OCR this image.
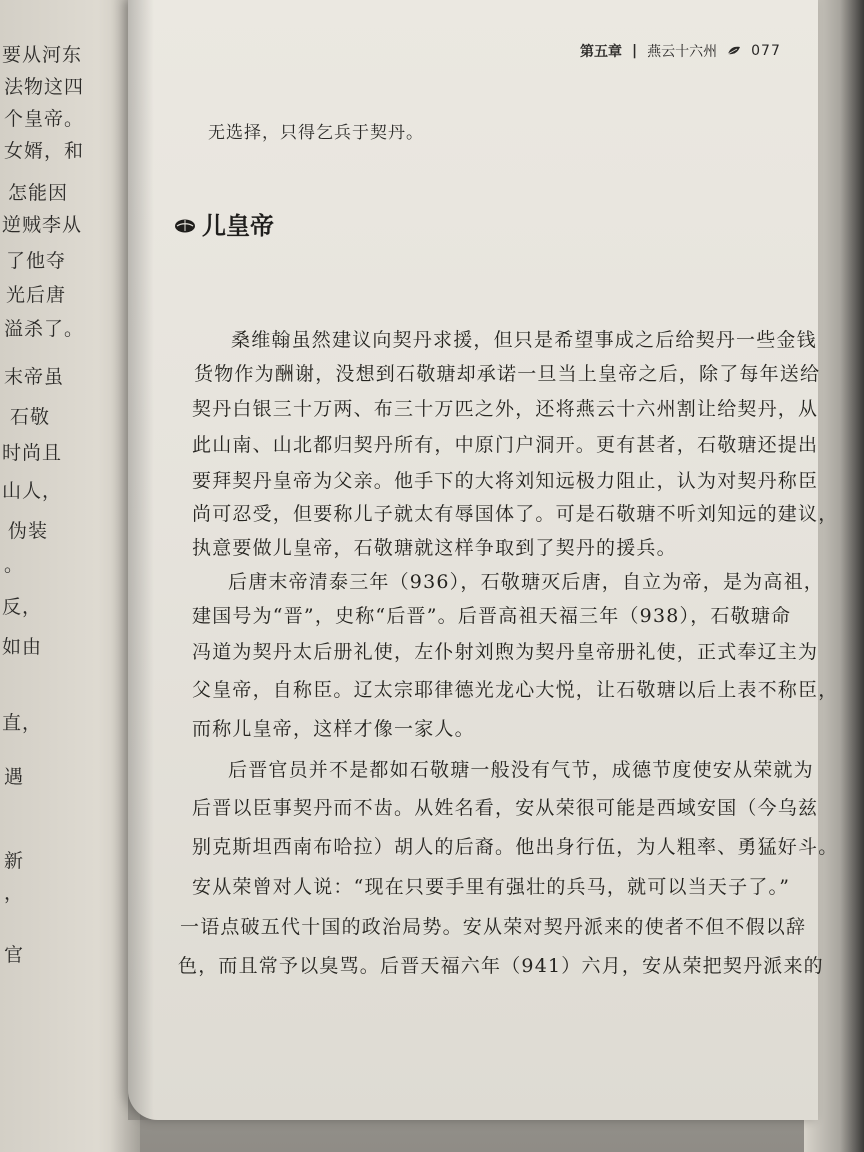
要从河东
法物这四
个皇帝。
女婿，和
怎能因
逆贼李从
了他夺
光后唐
溢杀了。
末帝虽
石敬
时尚且
山人，
伪装
。
反，
如由
直，
遇
新
，
官
第五章 | 燕云十六州 077
无选择，只得乞兵于契丹。
儿皇帝
桑维翰虽然建议向契丹求援，但只是希望事成之后给契丹一些金钱
货物作为酬谢，没想到石敬瑭却承诺一旦当上皇帝之后，除了每年送给
契丹白银三十万两、布三十万匹之外，还将燕云十六州割让给契丹，从
此山南、山北都归契丹所有，中原门户洞开。更有甚者，石敬瑭还提出
要拜契丹皇帝为父亲。他手下的大将刘知远极力阻止，认为对契丹称臣
尚可忍受，但要称儿子就太有辱国体了。可是石敬瑭不听刘知远的建议，
执意要做儿皇帝，石敬瑭就这样争取到了契丹的援兵。
后唐末帝清泰三年（936），石敬瑭灭后唐，自立为帝，是为高祖，
建国号为“晋”，史称“后晋”。后晋高祖天福三年（938），石敬瑭命
冯道为契丹太后册礼使，左仆射刘煦为契丹皇帝册礼使，正式奉辽主为
父皇帝，自称臣。辽太宗耶律德光龙心大悦，让石敬瑭以后上表不称臣，
而称儿皇帝，这样才像一家人。
后晋官员并不是都如石敬瑭一般没有气节，成德节度使安从荣就为
后晋以臣事契丹而不齿。从姓名看，安从荣很可能是西域安国（今乌兹
别克斯坦西南布哈拉）胡人的后裔。他出身行伍，为人粗率、勇猛好斗。
安从荣曾对人说：“现在只要手里有强壮的兵马，就可以当天子了。”
一语点破五代十国的政治局势。安从荣对契丹派来的使者不但不假以辞
色，而且常予以臭骂。后晋天福六年（941）六月，安从荣把契丹派来的
